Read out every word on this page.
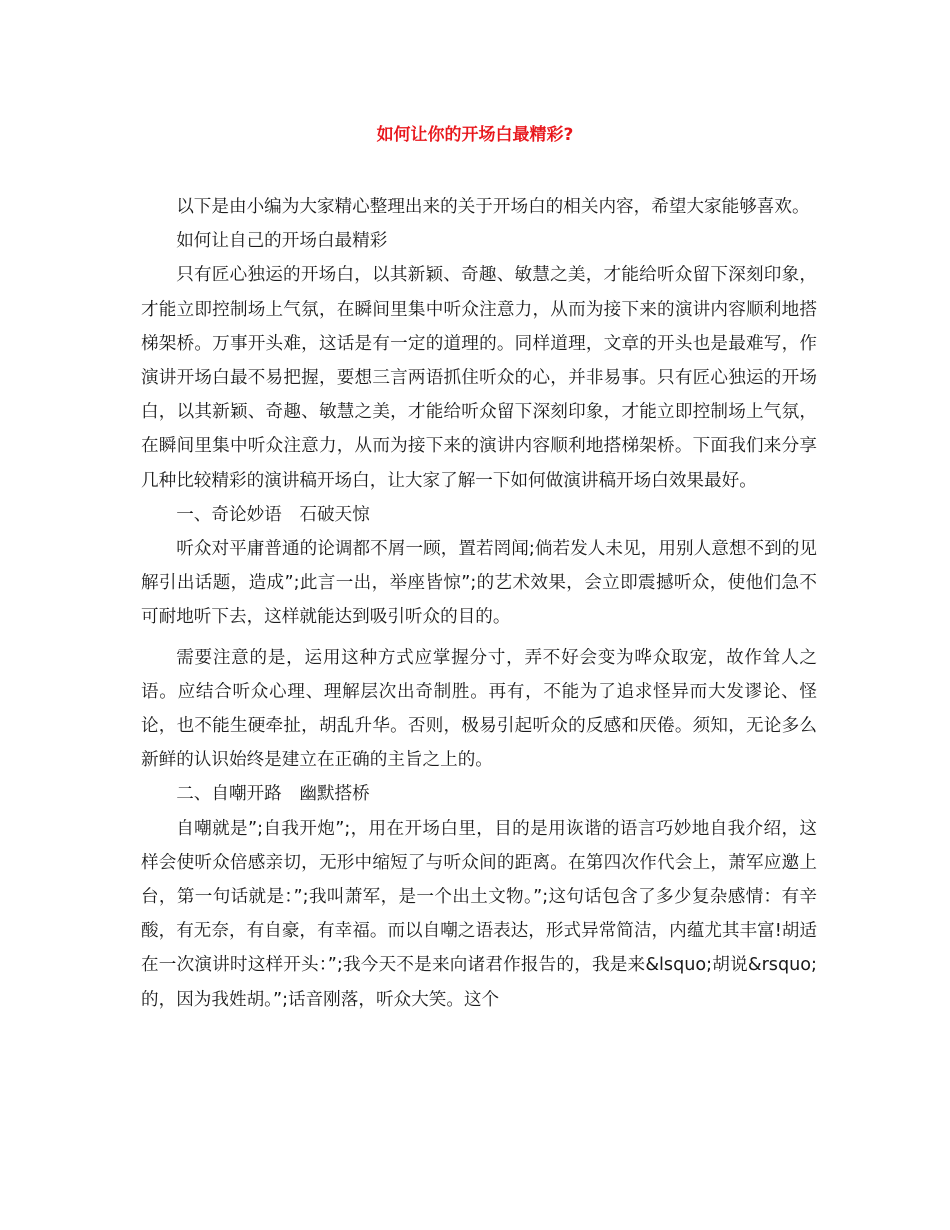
如何让你的开场白最精彩?

以下是由小编为大家精心整理出来的关于开场白的相关内容，希望大家能够喜欢。

如何让自己的开场白最精彩

只有匠心独运的开场白，以其新颖、奇趣、敏慧之美，才能给听众留下深刻印象，才能立即控制场上气氛，在瞬间里集中听众注意力，从而为接下来的演讲内容顺利地搭梯架桥。万事开头难，这话是有一定的道理的。同样道理，文章的开头也是最难写，作演讲开场白最不易把握，要想三言两语抓住听众的心，并非易事。只有匠心独运的开场白，以其新颖、奇趣、敏慧之美，才能给听众留下深刻印象，才能立即控制场上气氛，在瞬间里集中听众注意力，从而为接下来的演讲内容顺利地搭梯架桥。下面我们来分享几种比较精彩的演讲稿开场白，让大家了解一下如何做演讲稿开场白效果最好。

一、奇论妙语　石破天惊

听众对平庸普通的论调都不屑一顾，置若罔闻;倘若发人未见，用别人意想不到的见解引出话题，造成”;此言一出，举座皆惊”;的艺术效果，会立即震撼听众，使他们急不可耐地听下去，这样就能达到吸引听众的目的。

需要注意的是，运用这种方式应掌握分寸，弄不好会变为哗众取宠，故作耸人之语。应结合听众心理、理解层次出奇制胜。再有，不能为了追求怪异而大发谬论、怪论，也不能生硬牵扯，胡乱升华。否则，极易引起听众的反感和厌倦。须知，无论多么新鲜的认识始终是建立在正确的主旨之上的。

二、自嘲开路　幽默搭桥

自嘲就是”;自我开炮”;，用在开场白里，目的是用诙谐的语言巧妙地自我介绍，这样会使听众倍感亲切，无形中缩短了与听众间的距离。在第四次作代会上，萧军应邀上台，第一句话就是：”;我叫萧军，是一个出土文物。”;这句话包含了多少复杂感情：有辛酸，有无奈，有自豪，有幸福。而以自嘲之语表达，形式异常简洁，内蕴尤其丰富!胡适在一次演讲时这样开头：”;我今天不是来向诸君作报告的，我是来&lsquo;胡说&rsquo;的，因为我姓胡。”;话音刚落，听众大笑。这个
